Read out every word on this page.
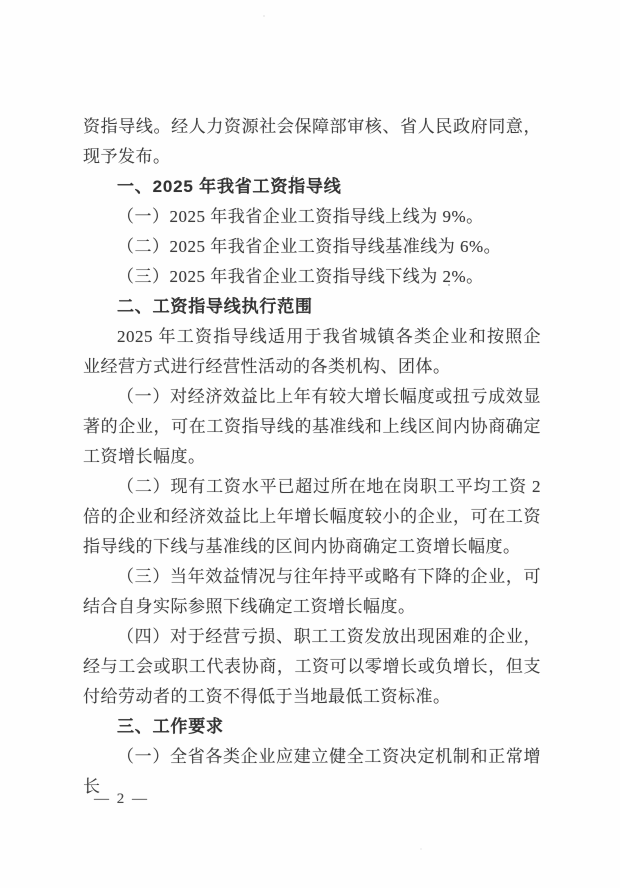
资指导线。经人力资源社会保障部审核、省人民政府同意，现予发布。
一、2025 年我省工资指导线
（一）2025 年我省企业工资指导线上线为 9%。
（二）2025 年我省企业工资指导线基准线为 6%。
（三）2025 年我省企业工资指导线下线为 2%。
二、工资指导线执行范围
2025 年工资指导线适用于我省城镇各类企业和按照企业经营方式进行经营性活动的各类机构、团体。
（一）对经济效益比上年有较大增长幅度或扭亏成效显著的企业，可在工资指导线的基准线和上线区间内协商确定工资增长幅度。
（二）现有工资水平已超过所在地在岗职工平均工资 2 倍的企业和经济效益比上年增长幅度较小的企业，可在工资指导线的下线与基准线的区间内协商确定工资增长幅度。
（三）当年效益情况与往年持平或略有下降的企业，可结合自身实际参照下线确定工资增长幅度。
（四）对于经营亏损、职工工资发放出现困难的企业，经与工会或职工代表协商，工资可以零增长或负增长，但支付给劳动者的工资不得低于当地最低工资标准。
三、工作要求
（一）全省各类企业应建立健全工资决定机制和正常增长
— 2 —
